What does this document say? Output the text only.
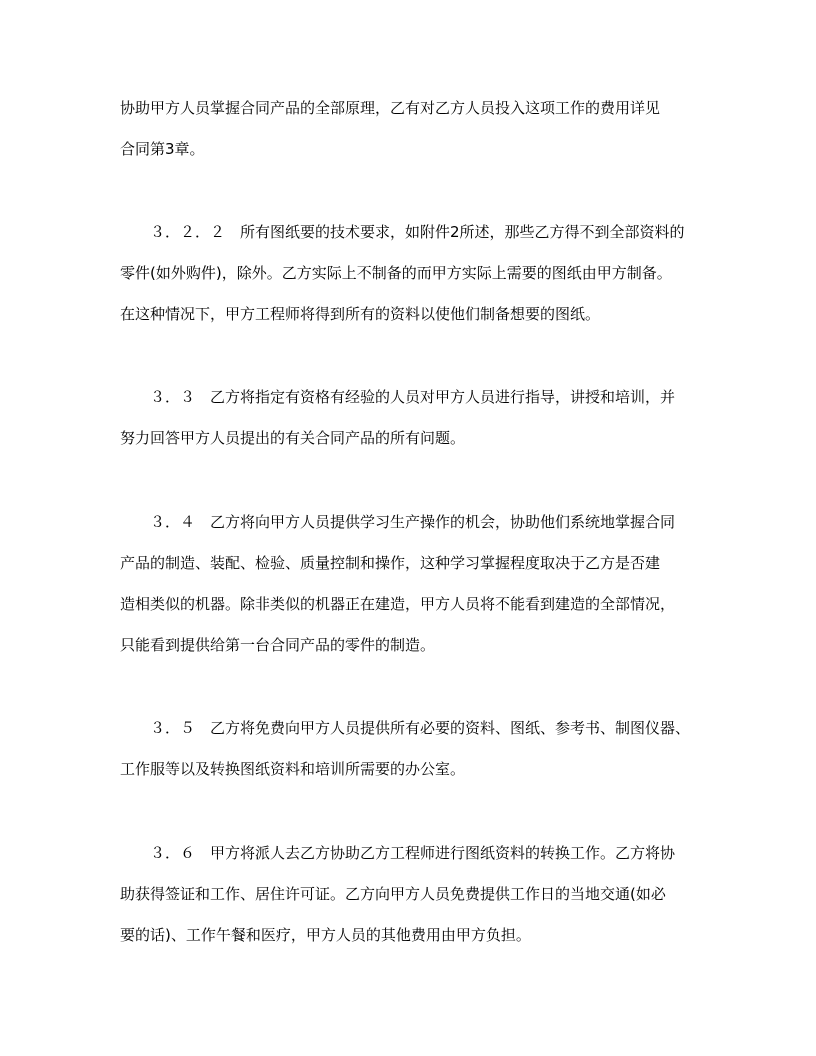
协助甲方人员掌握合同产品的全部原理，乙有对乙方人员投入这项工作的费用详见
合同第3章。
３．２．２　所有图纸要的技术要求，如附件2所述，那些乙方得不到全部资料的
零件(如外购件)，除外。乙方实际上不制备的而甲方实际上需要的图纸由甲方制备。
在这种情况下，甲方工程师将得到所有的资料以使他们制备想要的图纸。
３．３　乙方将指定有资格有经验的人员对甲方人员进行指导，讲授和培训，并
努力回答甲方人员提出的有关合同产品的所有问题。
３．４　乙方将向甲方人员提供学习生产操作的机会，协助他们系统地掌握合同
产品的制造、装配、检验、质量控制和操作，这种学习掌握程度取决于乙方是否建
造相类似的机器。除非类似的机器正在建造，甲方人员将不能看到建造的全部情况，
只能看到提供给第一台合同产品的零件的制造。
３．５　乙方将免费向甲方人员提供所有必要的资料、图纸、参考书、制图仪器、
工作服等以及转换图纸资料和培训所需要的办公室。
３．６　甲方将派人去乙方协助乙方工程师进行图纸资料的转换工作。乙方将协
助获得签证和工作、居住许可证。乙方向甲方人员免费提供工作日的当地交通(如必
要的话)、工作午餐和医疗，甲方人员的其他费用由甲方负担。
